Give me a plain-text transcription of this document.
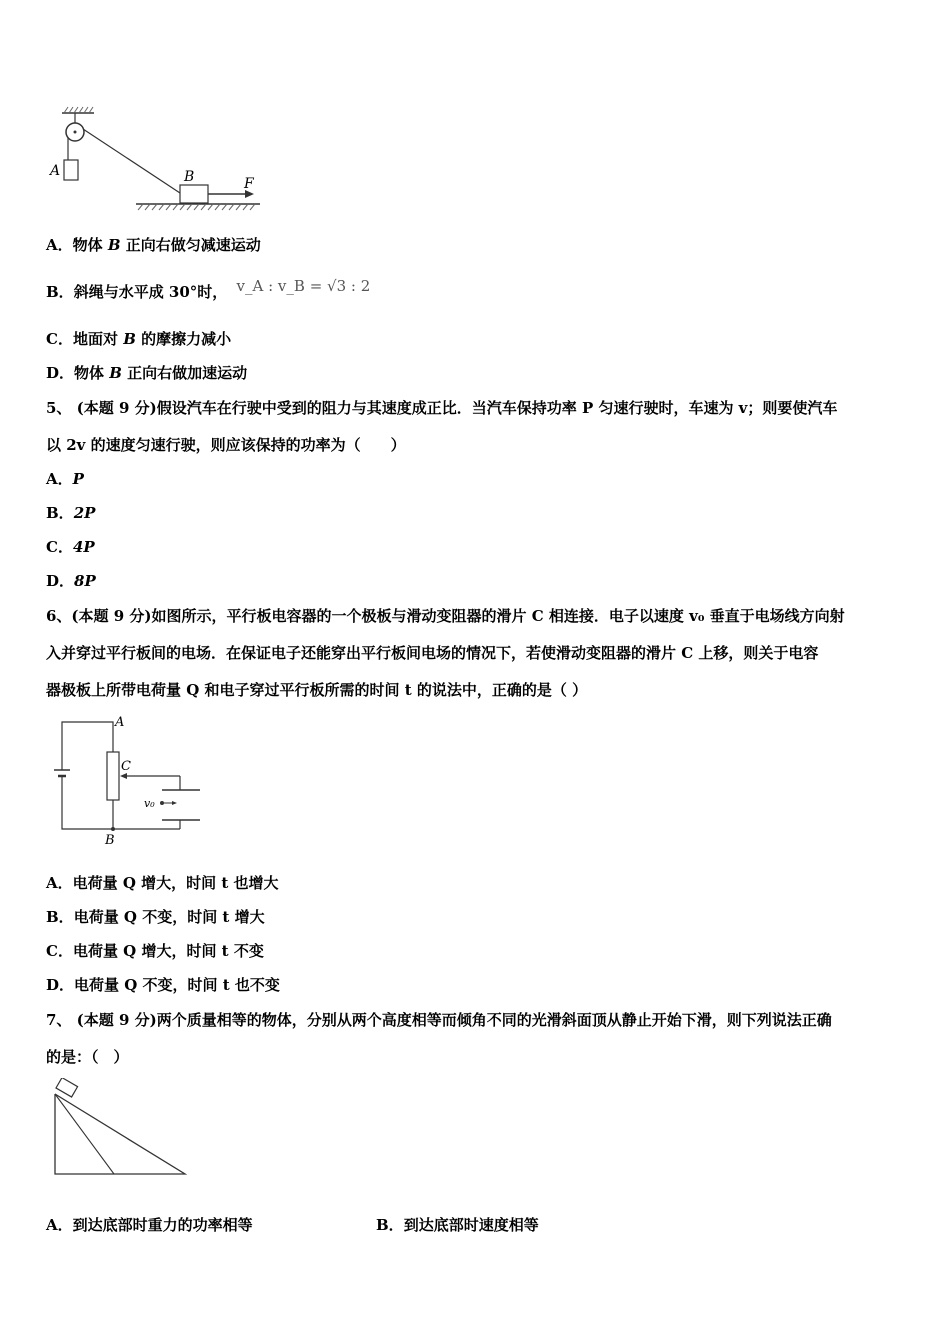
A	B	F
A．物体 B 正向右做匀减速运动
B．斜绳与水平成 30°时， v_A : v_B = √3 : 2
C．地面对 B 的摩擦力减小
D．物体 B 正向右做加速运动
5、 (本题 9 分)假设汽车在行驶中受到的阻力与其速度成正比．当汽车保持功率 P 匀速行驶时，车速为 v；则要使汽车
以 2v 的速度匀速行驶，则应该保持的功率为（　　）
A．P
B．2P
C．4P
D．8P
6、(本题 9 分)如图所示，平行板电容器的一个极板与滑动变阻器的滑片 C 相连接．电子以速度 v₀ 垂直于电场线方向射
入并穿过平行板间的电场．在保证电子还能穿出平行板间电场的情况下，若使滑动变阻器的滑片 C 上移，则关于电容
器极板上所带电荷量 Q 和电子穿过平行板所需的时间 t 的说法中，正确的是（ ）
A
B
C
v₀
A．电荷量 Q 增大，时间 t 也增大
B．电荷量 Q 不变，时间 t 增大
C．电荷量 Q 增大，时间 t 不变
D．电荷量 Q 不变，时间 t 也不变
7、 (本题 9 分)两个质量相等的物体，分别从两个高度相等而倾角不同的光滑斜面顶从静止开始下滑，则下列说法正确
的是：（　）
A．到达底部时重力的功率相等	B．到达底部时速度相等
